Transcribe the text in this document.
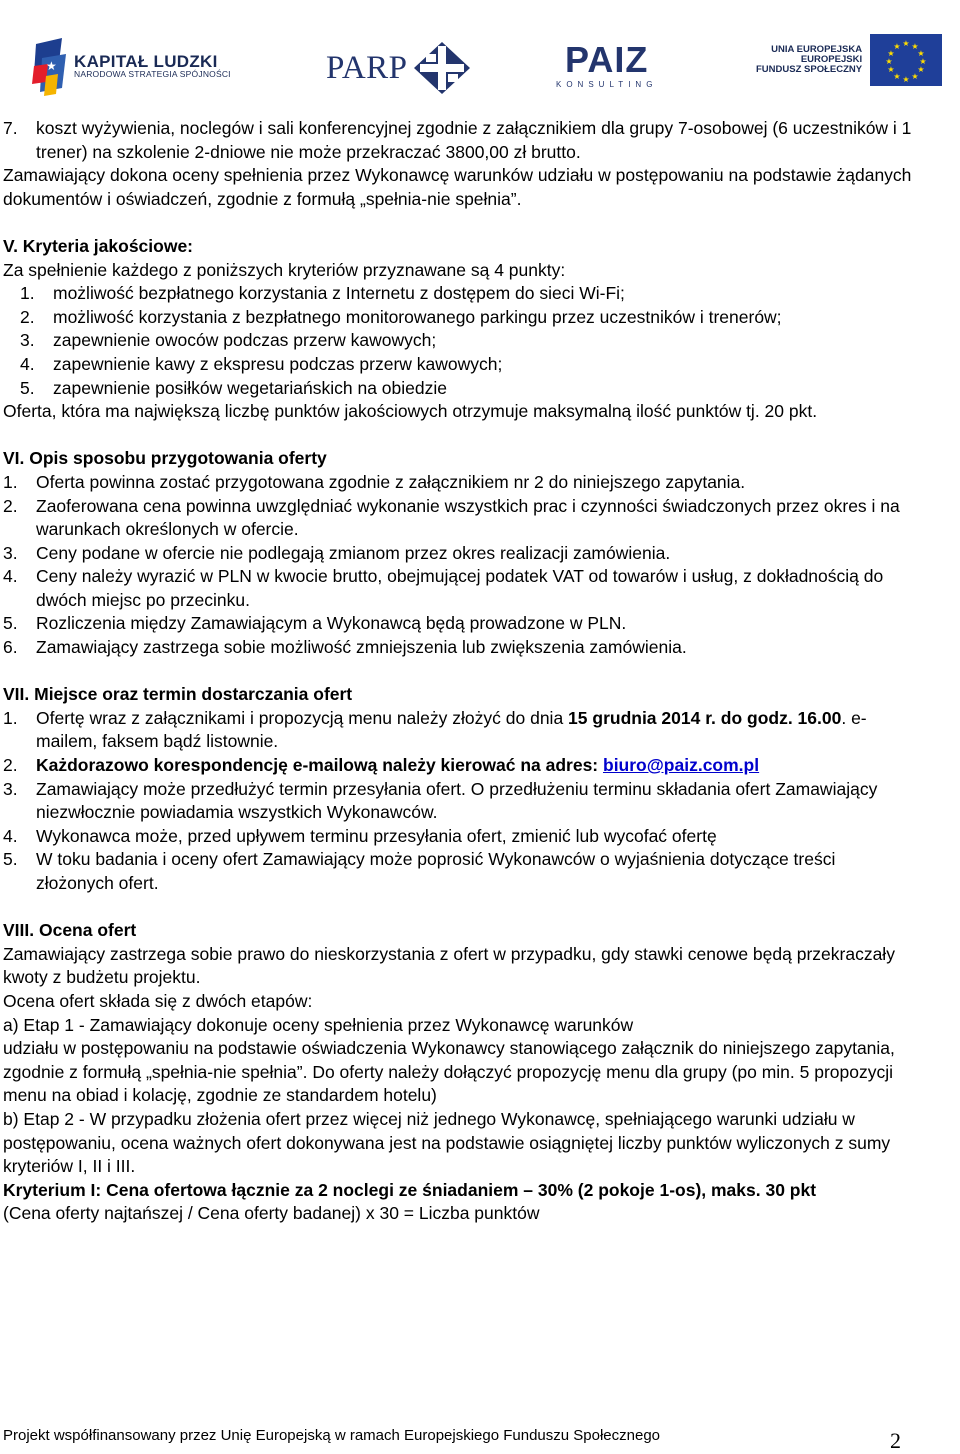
★ KAPITAŁ LUDZKI
NARODOWA STRATEGIA SPÓJNOŚCI	PARP	PAIZ
KONSULTING
UNIA EUROPEJSKA
EUROPEJSKI
FUNDUSZ SPOŁECZNY
★ ★
★
★
★
★
★
★
★
★
★
★
7.	koszt wyżywienia, noclegów i sali konferencyjnej zgodnie z załącznikiem dla grupy 7-osobowej (6 uczestników i 1 trener) na szkolenie 2-dniowe nie może przekraczać 3800,00 zł brutto.

Zamawiający dokona oceny spełnienia przez Wykonawcę warunków udziału w postępowaniu na podstawie żądanych dokumentów i oświadczeń, zgodnie z formułą „spełnia-nie spełnia”.

V. Kryteria jakościowe:

Za spełnienie każdego z poniższych kryteriów przyznawane są 4 punkty:

1.	możliwość bezpłatnego korzystania z Internetu z dostępem do sieci Wi-Fi;
2.	możliwość korzystania z bezpłatnego monitorowanego parkingu przez uczestników i trenerów;
3.	zapewnienie owoców podczas przerw kawowych;
4.	zapewnienie kawy z ekspresu podczas przerw kawowych;
5.	zapewnienie posiłków wegetariańskich na obiedzie

Oferta, która ma największą liczbę punktów jakościowych otrzymuje maksymalną ilość punktów tj. 20 pkt.

VI. Opis sposobu przygotowania oferty

1.	Oferta powinna zostać przygotowana zgodnie z załącznikiem nr 2 do niniejszego zapytania.
2.	Zaoferowana cena powinna uwzględniać wykonanie wszystkich prac i czynności świadczonych przez okres i na warunkach określonych w ofercie.
3.	Ceny podane w ofercie nie podlegają zmianom przez okres realizacji zamówienia.
4.	Ceny należy wyrazić w PLN w kwocie brutto, obejmującej podatek VAT od towarów i usług, z dokładnością do dwóch miejsc po przecinku.
5.	Rozliczenia między Zamawiającym a Wykonawcą będą prowadzone w PLN.
6.	Zamawiający zastrzega sobie możliwość zmniejszenia lub zwiększenia zamówienia.

VII. Miejsce oraz termin dostarczania ofert

1.	Ofertę wraz z załącznikami i propozycją menu należy złożyć do dnia 15 grudnia 2014 r. do godz. 16.00. e-mailem, faksem bądź listownie.
2.	Każdorazowo korespondencję e-mailową należy kierować na adres: biuro@paiz.com.pl
3.	Zamawiający może przedłużyć termin przesyłania ofert. O przedłużeniu terminu składania ofert Zamawiający niezwłocznie powiadamia wszystkich Wykonawców.
4.	Wykonawca może, przed upływem terminu przesyłania ofert, zmienić lub wycofać ofertę
5.	W toku badania i oceny ofert Zamawiający może poprosić Wykonawców o wyjaśnienia dotyczące treści złożonych ofert.

VIII. Ocena ofert

Zamawiający zastrzega sobie prawo do nieskorzystania z ofert w przypadku, gdy stawki cenowe będą przekraczały kwoty z budżetu projektu.

Ocena ofert składa się z dwóch etapów:

a) Etap 1 - Zamawiający dokonuje oceny spełnienia przez Wykonawcę warunków

udziału w postępowaniu na podstawie oświadczenia Wykonawcy stanowiącego załącznik do niniejszego zapytania, zgodnie z formułą „spełnia-nie spełnia”. Do oferty należy dołączyć propozycję menu dla grupy (po min. 5 propozycji menu na obiad i kolację, zgodnie ze standardem hotelu)

b) Etap 2 - W przypadku złożenia ofert przez więcej niż jednego Wykonawcę, spełniającego warunki udziału w postępowaniu, ocena ważnych ofert dokonywana jest na podstawie osiągniętej liczby punktów wyliczonych z sumy kryteriów I, II i III.

Kryterium I: Cena ofertowa łącznie za 2 noclegi ze śniadaniem – 30% (2 pokoje 1-os), maks. 30 pkt

(Cena oferty najtańszej / Cena oferty badanej) x 30 = Liczba punktów

Projekt współfinansowany przez Unię Europejską w ramach Europejskiego Funduszu Społecznego	2
